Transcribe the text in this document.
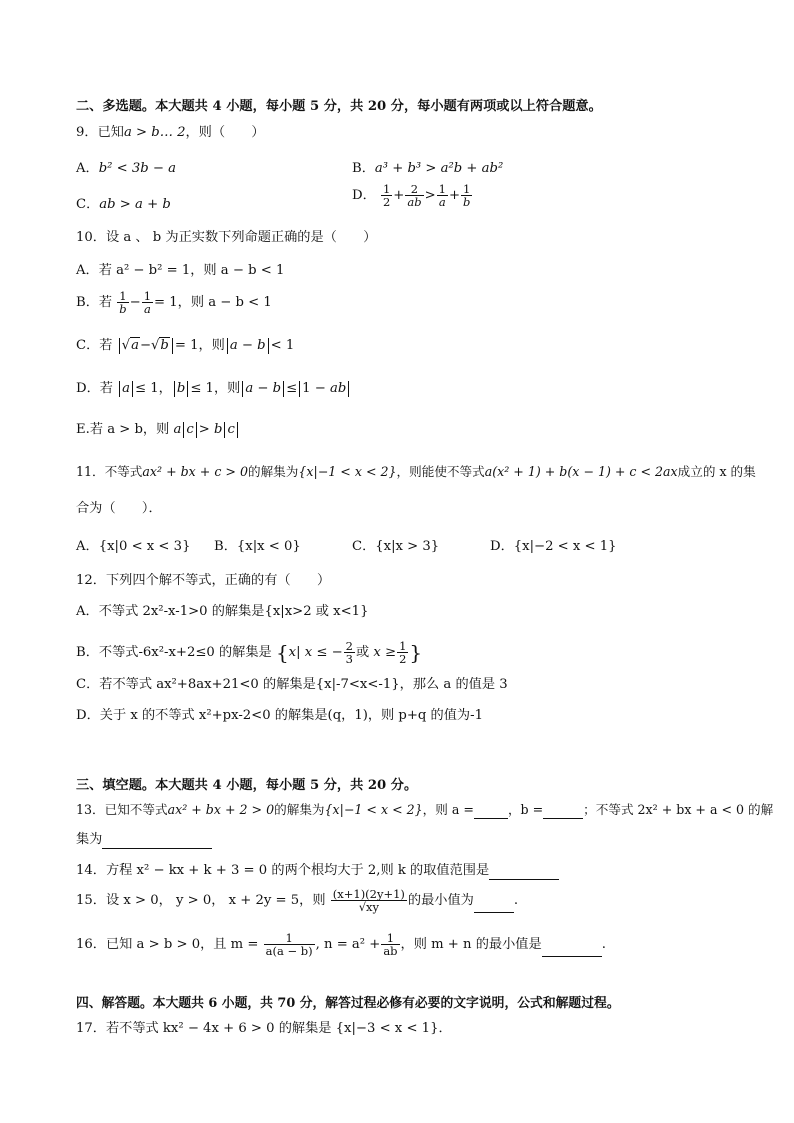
二、多选题。本大题共 4 小题，每小题 5 分，共 20 分，每小题有两项或以上符合题意。
9．已知a > b… 2，则（　　）
A．b² < 3b − a	B．a³ + b³ > a²b + ab²
C．ab > a + b
D． $\frac{1}{2} + \frac{2}{ab} > \frac{1}{a} + \frac{1}{b}$
10．设 a 、 b 为正实数下列命题正确的是（　　）
A．若 a² − b² = 1，则 a − b < 1
B．若 $\frac{1}{b} - \frac{1}{a} = 1$，则 a − b < 1
C．若 √a−√b = 1，则 a − b < 1
D．若 a ≤ 1， b ≤ 1，则 a − b ≤ 1 − ab
E.若 a > b，则 a c > b c
11．不等式ax² + bx + c > 0的解集为{x|−1 < x < 2}，则能使不等式a(x² + 1) + b(x − 1) + c < 2ax成立的 x 的集
合为（　　）．
A．{x|0 < x < 3} B．{x|x < 0}	C．{x|x > 3}	D．{x|−2 < x < 1}
12．下列四个解不等式，正确的有（　　）
A．不等式 2x²-x-1>0 的解集是{x|x>2 或 x<1}
B．不等式-6x²-x+2≤0 的解集是 {x| x ≤ − $\frac{2}{3}$ 或 $x \ge \frac{1}{2}$ }
C．若不等式 ax²+8ax+21<0 的解集是{x|-7<x<-1}，那么 a 的值是 3
D．关于 x 的不等式 x²+px-2<0 的解集是(q，1)，则 p+q 的值为-1
三、填空题。本大题共 4 小题，每小题 5 分，共 20 分。
13．已知不等式ax² + bx + 2 > 0的解集为{x|−1 < x < 2}，则 a =	，b =	；不等式 2x² + bx + a < 0 的解
集为
14．方程 x² − kx + k + 3 = 0 的两个根均大于 2,则 k 的取值范围是
15．设 x > 0， y > 0， x + 2y = 5，则 $\frac{(x+1)(2y+1)}{√xy}$ 的最小值为	.
16．已知 a > b > 0，且 $m = \frac{1}{a(a - b)}$ , $n = a^2 + \frac{1}{ab}$ ，则 m + n 的最小值是	.
四、解答题。本大题共 6 小题，共 70 分，解答过程必修有必要的文字说明，公式和解题过程。
17．若不等式 kx² − 4x + 6 > 0 的解集是 {x|−3 < x < 1}．
